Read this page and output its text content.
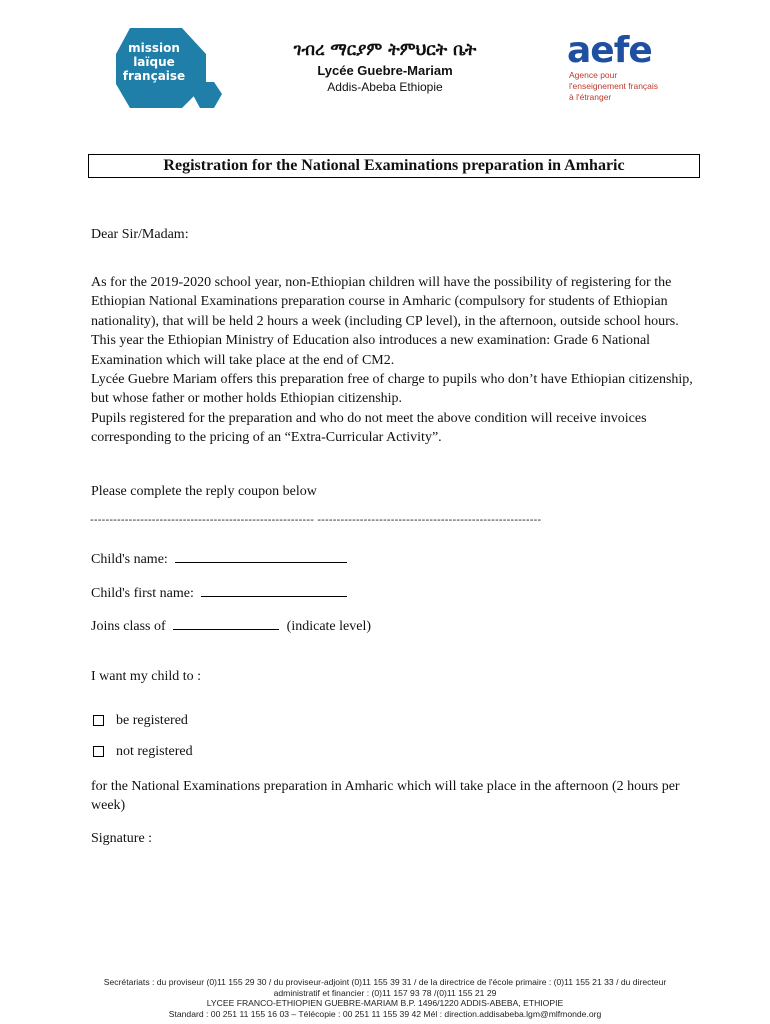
mission
laïque
française
ገብረ ማርያም ትምህርት ቤት
Lycée Guebre-Mariam
Addis-Abeba Ethiopie
aefe
Agence pour
l'enseignement français
à l'étranger
Registration for the National Examinations preparation in Amharic
Dear Sir/Madam:

As for the 2019-2020 school year, non-Ethiopian children will have the possibility of registering for the Ethiopian National Examinations preparation course in Amharic (compulsory for students of Ethiopian nationality), that will be held 2 hours a week (including CP level), in the afternoon, outside school hours.

This year the Ethiopian Ministry of Education also introduces a new examination: Grade 6 National Examination which will take place at the end of CM2.

Lycée Guebre Mariam offers this preparation free of charge to pupils who don’t have Ethiopian citizenship, but whose father or mother holds Ethiopian citizenship.

Pupils registered for the preparation and who do not meet the above condition will receive invoices corresponding to the pricing of an “Extra-Curricular Activity”.

Please complete the reply coupon below
---------------------------------------------------------- ----------------------------------------------------------
Child's name:
Child's first name:
Joins class of	(indicate level)
I want my child to :
be registered
not registered
for the National Examinations preparation in Amharic which will take place in the afternoon (2 hours per week)
Signature :
Secrétariats : du proviseur (0)11 155 29 30 / du proviseur-adjoint (0)11 155 39 31 / de la directrice de l'école primaire : (0)11 155 21 33 / du directeur
administratif et financier : (0)11 157 93 78 /(0)11 155 21 29
LYCEE FRANCO-ETHIOPIEN GUEBRE-MARIAM B.P. 1496/1220 ADDIS-ABEBA, ETHIOPIE
Standard : 00 251 11 155 16 03 – Télécopie : 00 251 11 155 39 42 Mél : direction.addisabeba.lgm@mlfmonde.org
